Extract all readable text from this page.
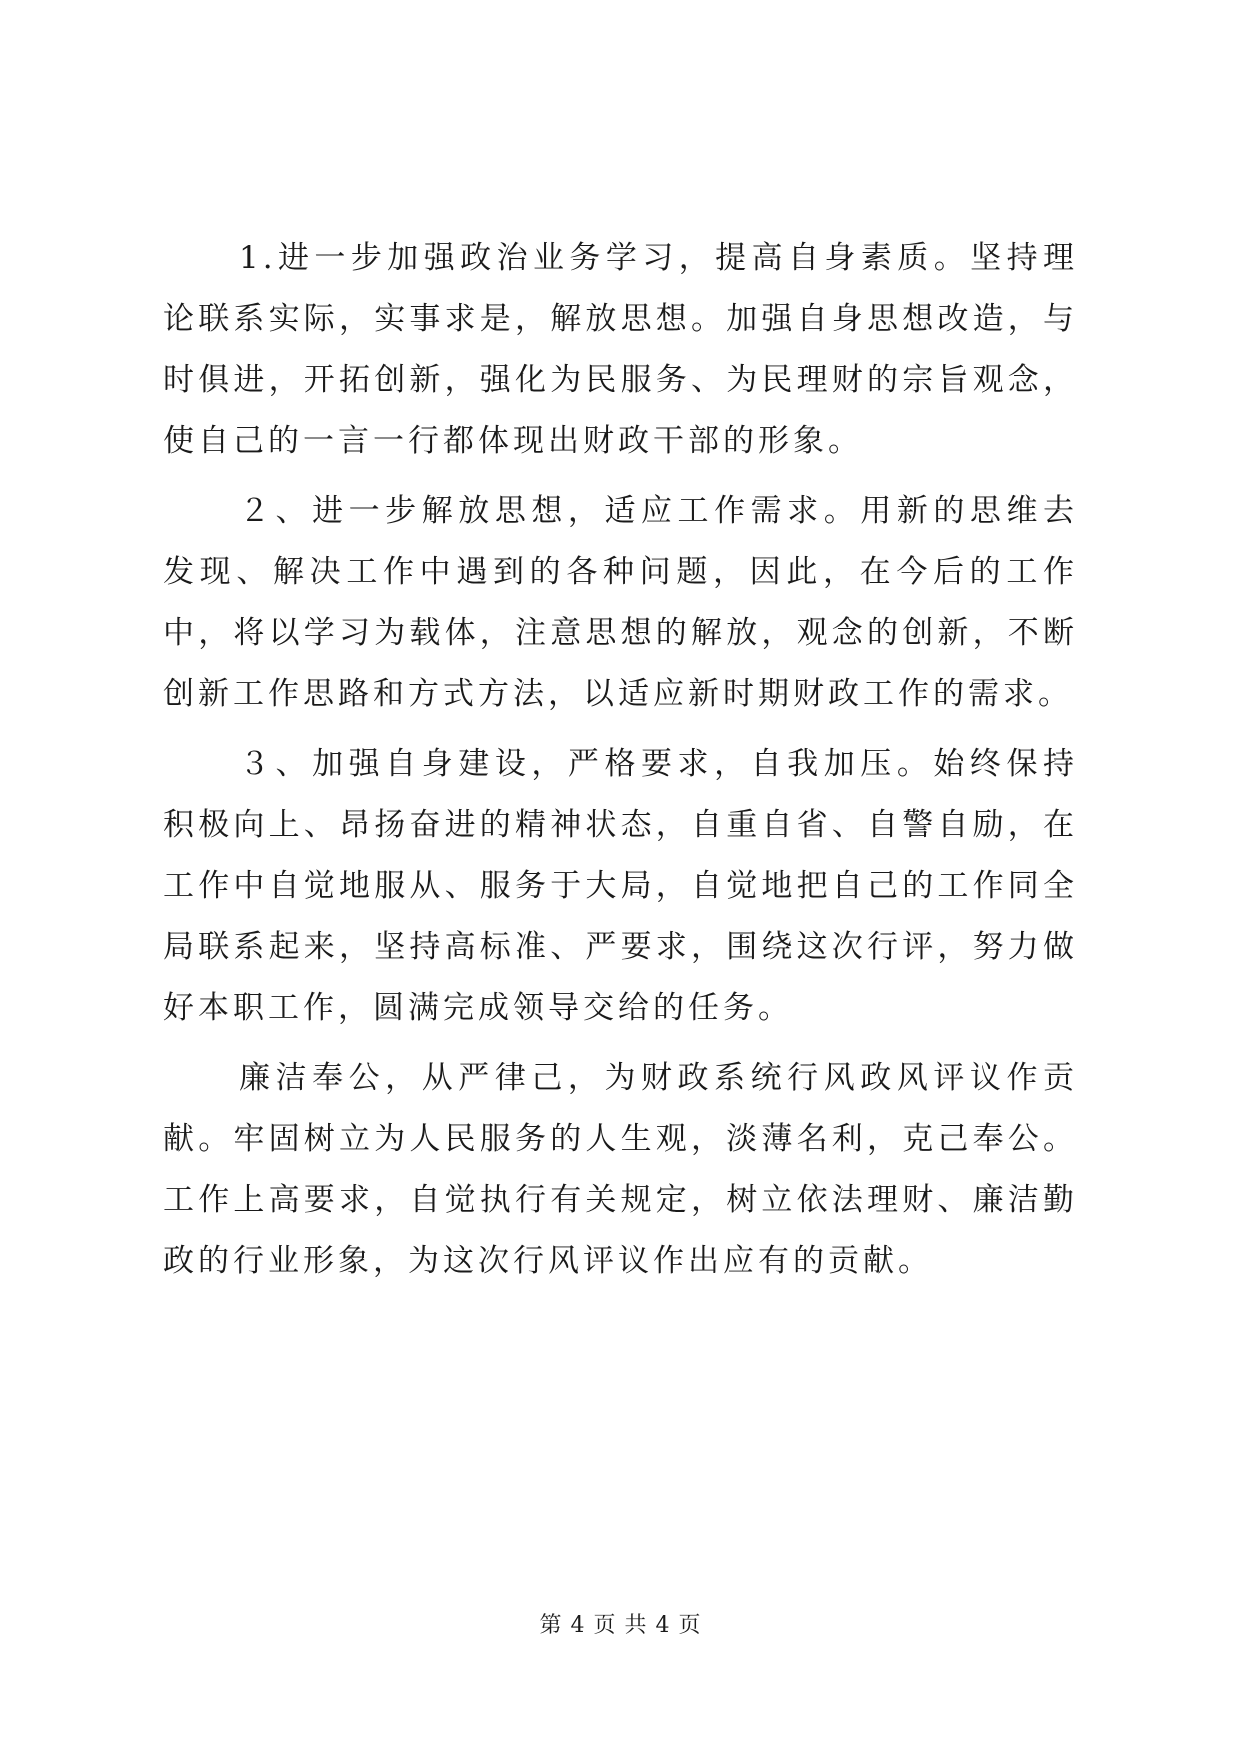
1.进一步加强政治业务学习，提高自身素质。坚持理论联系实际，实事求是，解放思想。加强自身思想改造，与时俱进，开拓创新，强化为民服务、为民理财的宗旨观念，使自己的一言一行都体现出财政干部的形象。

２、进一步解放思想，适应工作需求。用新的思维去发现、解决工作中遇到的各种问题，因此，在今后的工作中，将以学习为载体，注意思想的解放，观念的创新，不断创新工作思路和方式方法，以适应新时期财政工作的需求。

３、加强自身建设，严格要求，自我加压。始终保持积极向上、昂扬奋进的精神状态，自重自省、自警自励，在工作中自觉地服从、服务于大局，自觉地把自己的工作同全局联系起来，坚持高标准、严要求，围绕这次行评，努力做好本职工作，圆满完成领导交给的任务。

廉洁奉公，从严律己，为财政系统行风政风评议作贡献。牢固树立为人民服务的人生观，淡薄名利，克己奉公。工作上高要求，自觉执行有关规定，树立依法理财、廉洁勤政的行业形象，为这次行风评议作出应有的贡献。

第 4 页 共 4 页
